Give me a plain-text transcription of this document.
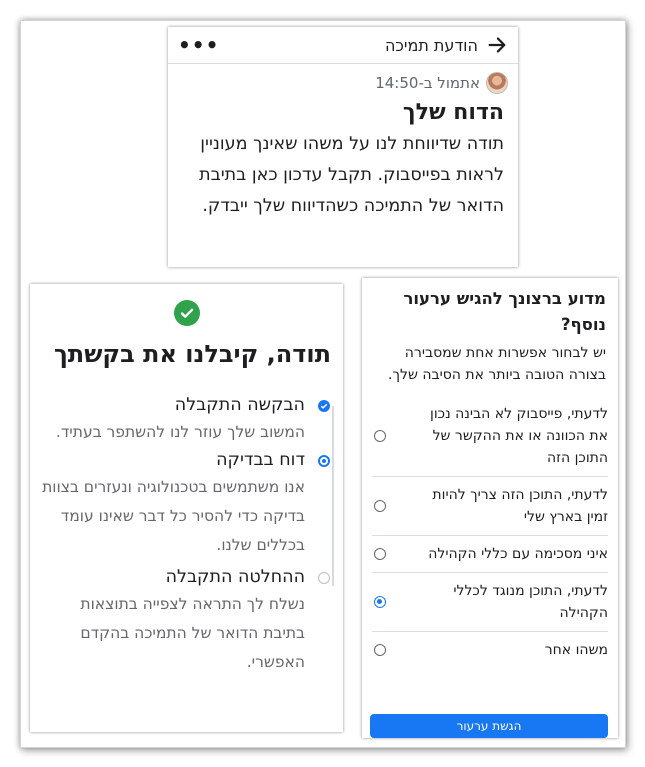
הודעת תמיכה
•••
אתמול ב-14:50
הדוח שלך
תודה שדיווחת לנו על משהו שאינך מעוניין לראות בפייסבוק. תקבל עדכון כאן בתיבת הדואר של התמיכה כשהדיווח שלך ייבדק.
תודה, קיבלנו את בקשתך
הבקשה התקבלה
המשוב שלך עוזר לנו להשתפר בעתיד.
דוח בבדיקה
אנו משתמשים בטכנולוגיה ונעזרים בצוות בדיקה כדי להסיר כל דבר שאינו עומד בכללים שלנו.
ההחלטה התקבלה
נשלח לך התראה לצפייה בתוצאות בתיבת הדואר של התמיכה בהקדם האפשרי.
מדוע ברצונך להגיש ערעור נוסף?
יש לבחור אפשרות אחת שמסבירה בצורה הטובה ביותר את הסיבה שלך.
לדעתי, פייסבוק לא הבינה נכון את הכוונה או את ההקשר של התוכן הזה
לדעתי, התוכן הזה צריך להיות זמין בארץ שלי
איני מסכימה עם כללי הקהילה
לדעתי, התוכן מנוגד לכללי הקהילה
משהו אחר
הגשת ערעור
